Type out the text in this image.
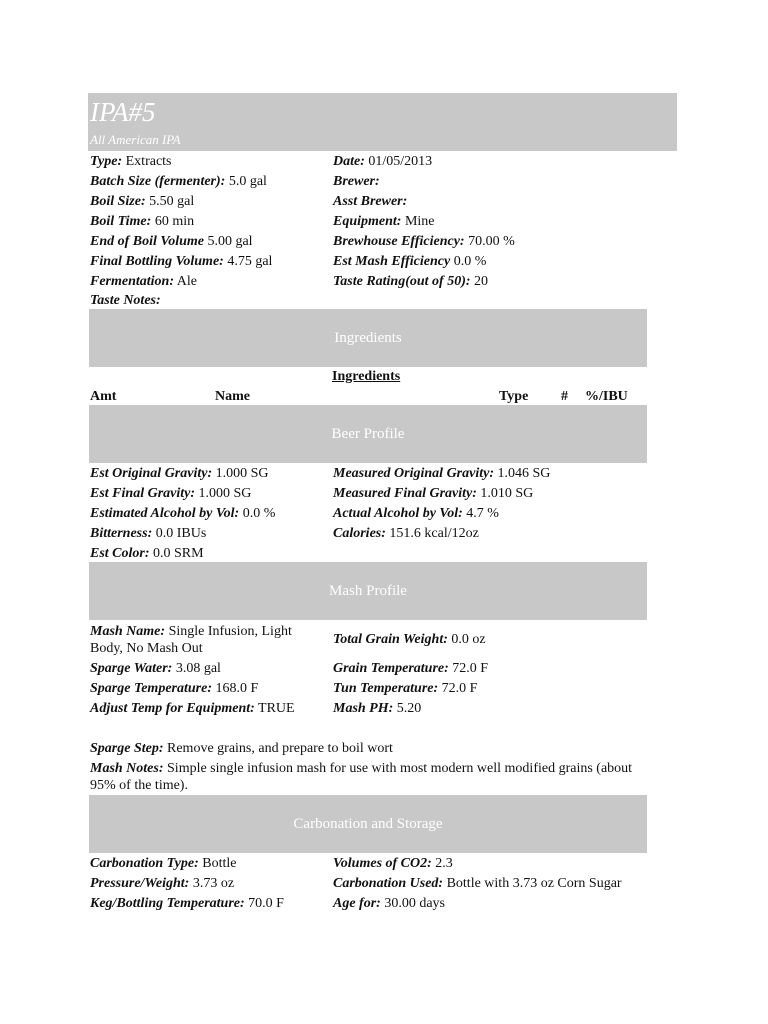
IPA#5
All American IPA
Type: Extracts
Batch Size (fermenter): 5.0 gal
Boil Size: 5.50 gal
Boil Time: 60 min
End of Boil Volume 5.00 gal
Final Bottling Volume: 4.75 gal
Fermentation: Ale
Taste Notes:
Date: 01/05/2013
Brewer:
Asst Brewer:
Equipment: Mine
Brewhouse Efficiency: 70.00 %
Est Mash Efficiency 0.0 %
Taste Rating(out of 50): 20
Ingredients
Ingredients
Amt	Name	Type # %/IBU
Beer Profile
Est Original Gravity: 1.000 SG
Est Final Gravity: 1.000 SG
Estimated Alcohol by Vol: 0.0 %
Bitterness: 0.0 IBUs
Est Color: 0.0 SRM
Measured Original Gravity: 1.046 SG
Measured Final Gravity: 1.010 SG
Actual Alcohol by Vol: 4.7 %
Calories: 151.6 kcal/12oz
Mash Profile
Mash Name: Single Infusion, Light Body, No Mash Out
Total Grain Weight: 0.0 oz
Sparge Water: 3.08 gal
Sparge Temperature: 168.0 F
Adjust Temp for Equipment: TRUE
Grain Temperature: 72.0 F
Tun Temperature: 72.0 F
Mash PH: 5.20
Sparge Step: Remove grains, and prepare to boil wort
Mash Notes: Simple single infusion mash for use with most modern well modified grains (about 95% of the time).
Carbonation and Storage
Carbonation Type: Bottle
Pressure/Weight: 3.73 oz
Keg/Bottling Temperature: 70.0 F
Volumes of CO2: 2.3
Carbonation Used: Bottle with 3.73 oz Corn Sugar
Age for: 30.00 days
